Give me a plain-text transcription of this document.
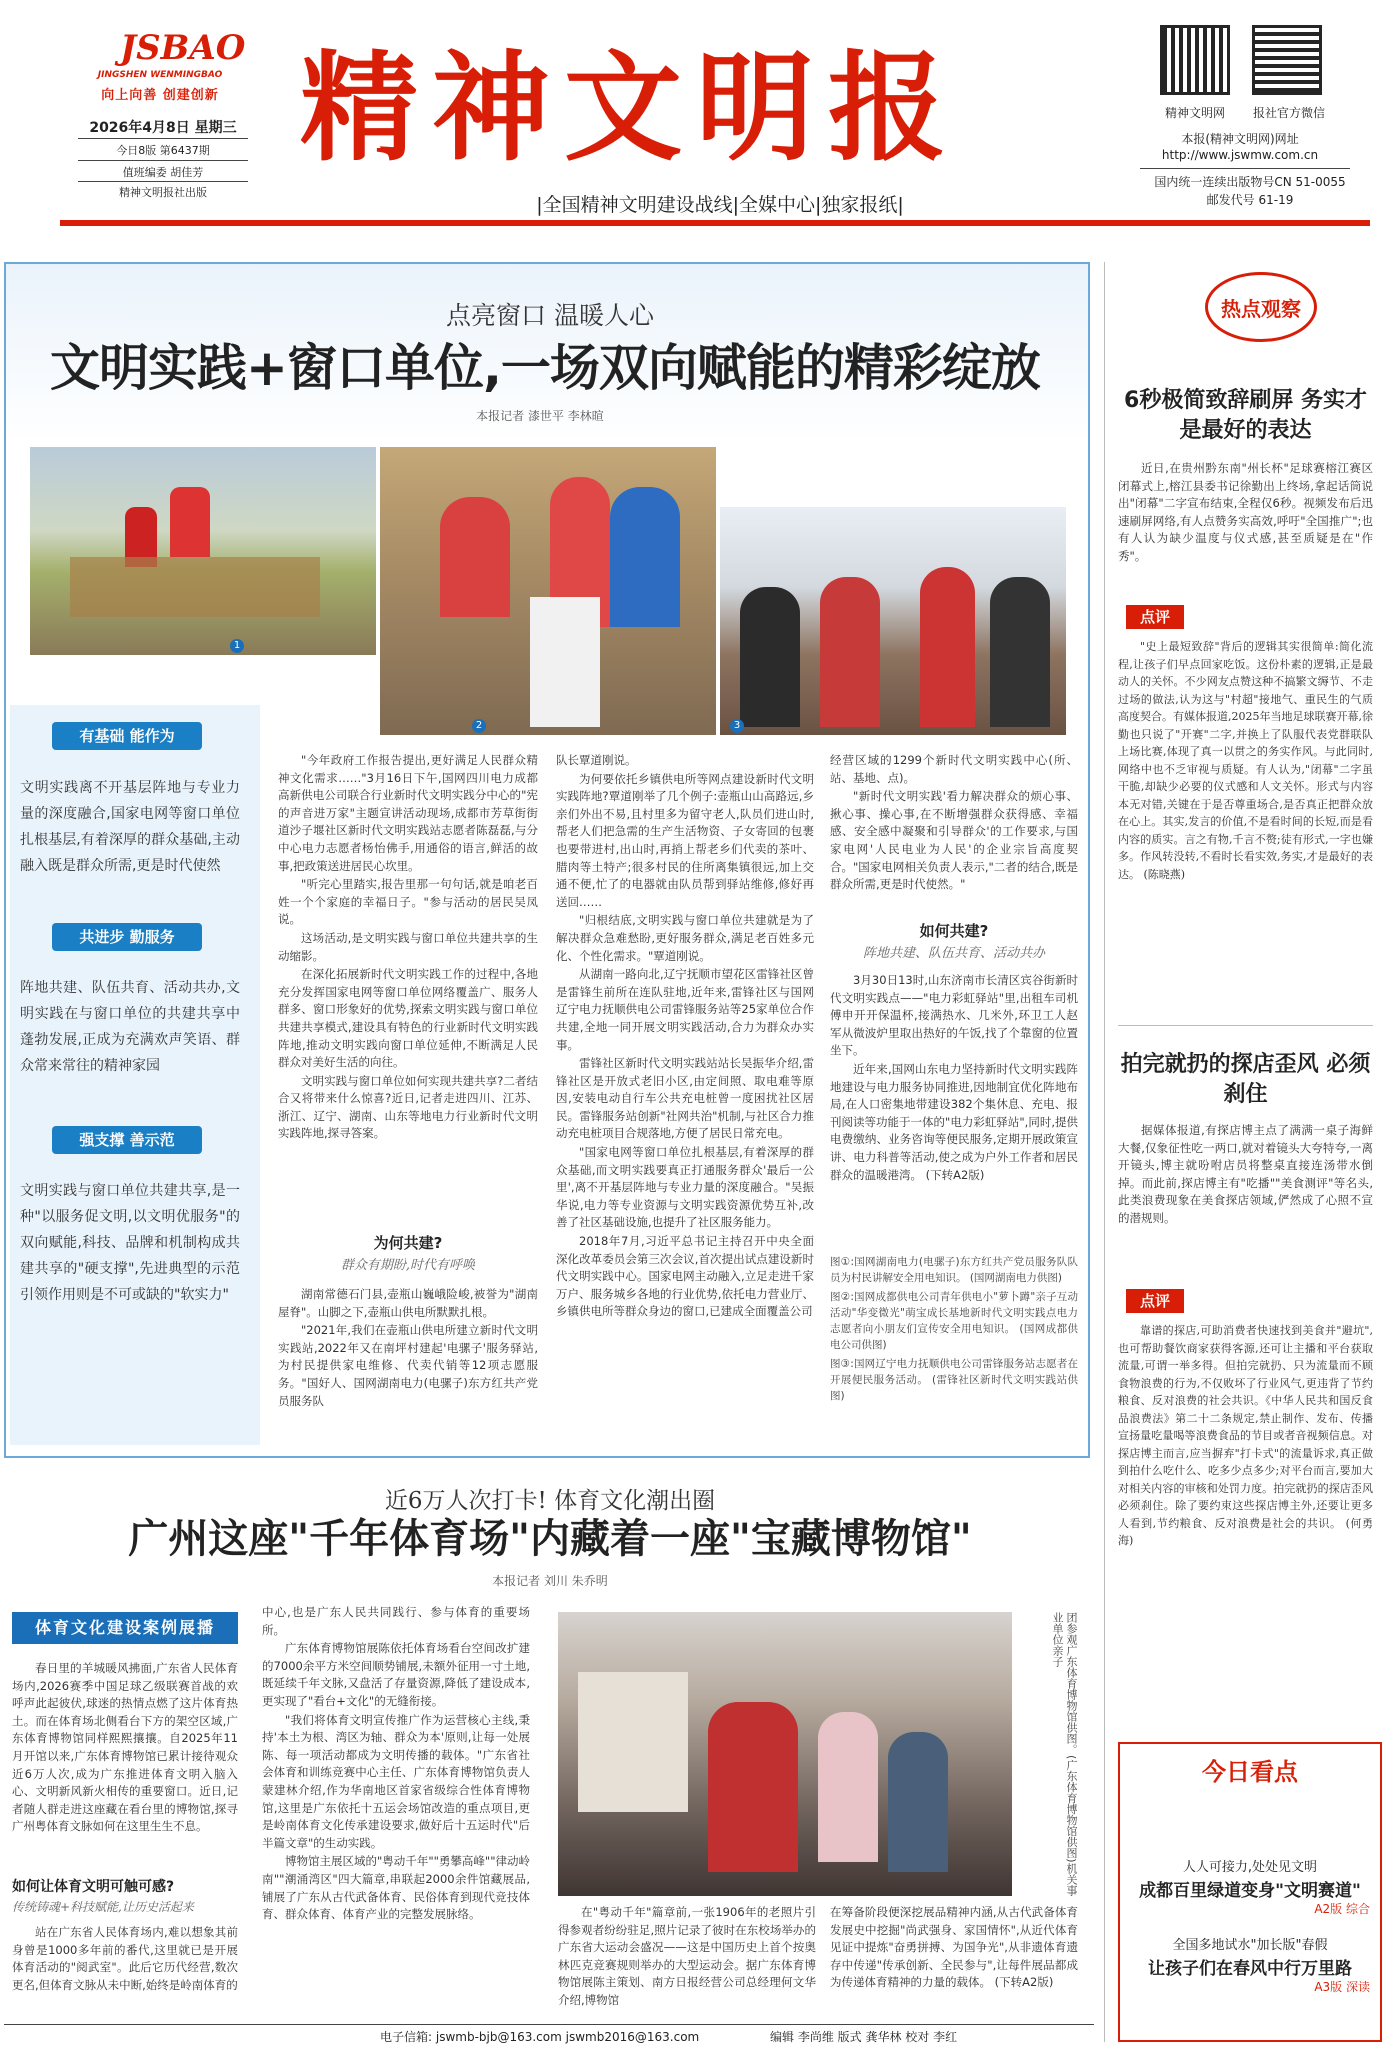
JSBAO
JINGSHEN WENMINGBAO
向上向善 创建创新
2026年4月8日 星期三
今日8版 第6437期
值班编委 胡佳芳
精神文明报社出版
精神文明报
|全国精神文明建设战线|全媒中心|独家报纸|
精神文明网	报社官方微信
本报(精神文明网)网址
http://www.jswmw.com.cn
国内统一连续出版物号CN 51-0055
邮发代号 61-19
点亮窗口 温暖人心
文明实践+窗口单位,一场双向赋能的精彩绽放
本报记者 漆世平 李林暄
1
2	3
有基础 能作为
文明实践离不开基层阵地与专业力量的深度融合,国家电网等窗口单位扎根基层,有着深厚的群众基础,主动融入既是群众所需,更是时代使然
共进步 勤服务
阵地共建、队伍共育、活动共办,文明实践在与窗口单位的共建共享中蓬勃发展,正成为充满欢声笑语、群众常来常往的精神家园
强支撑 善示范
文明实践与窗口单位共建共享,是一种"以服务促文明,以文明优服务"的双向赋能,科技、品牌和机制构成共建共享的"硬支撑",先进典型的示范引领作用则是不可或缺的"软实力"

"今年政府工作报告提出,更好满足人民群众精神文化需求……"3月16日下午,国网四川电力成都高新供电公司联合行业新时代文明实践分中心的"宪的声音进万家"主题宣讲活动现场,成都市芳草街街道沙子堰社区新时代文明实践站志愿者陈磊磊,与分中心电力志愿者杨怡佛手,用通俗的语言,鲜活的故事,把政策送进居民心坎里。

"听完心里踏实,报告里那一句句话,就是咱老百姓一个个家庭的幸福日子。"参与活动的居民吴凤说。

这场活动,是文明实践与窗口单位共建共享的生动缩影。

在深化拓展新时代文明实践工作的过程中,各地充分发挥国家电网等窗口单位网络覆盖广、服务人群多、窗口形象好的优势,探索文明实践与窗口单位共建共享模式,建设具有特色的行业新时代文明实践阵地,推动文明实践向窗口单位延伸,不断满足人民群众对美好生活的向往。

文明实践与窗口单位如何实现共建共享?二者结合又将带来什么惊喜?近日,记者走进四川、江苏、浙江、辽宁、湖南、山东等地电力行业新时代文明实践阵地,探寻答案。

为何共建?
群众有期盼,时代有呼唤

湖南常德石门县,壶瓶山巍峨险峻,被誉为"湖南屋脊"。山脚之下,壶瓶山供电所默默扎根。

"2021年,我们在壶瓶山供电所建立新时代文明实践站,2022年又在南坪村建起'电骡子'服务驿站,为村民提供家电维修、代卖代销等12项志愿服务。"国好人、国网湖南电力(电骡子)东方红共产党员服务队

队长覃道刚说。

为何要依托乡镇供电所等网点建设新时代文明实践阵地?覃道刚举了几个例子:壶瓶山山高路远,乡亲们外出不易,且村里多为留守老人,队员们进山时,帮老人们把急需的生产生活物资、子女寄回的包裹也要带进村,出山时,再捎上帮老乡们代卖的茶叶、腊肉等土特产;很多村民的住所离集镇很远,加上交通不便,忙了的电器就由队员帮到驿站维修,修好再送回……

"归根结底,文明实践与窗口单位共建就是为了解决群众急难愁盼,更好服务群众,满足老百姓多元化、个性化需求。"覃道刚说。

从湖南一路向北,辽宁抚顺市望花区雷锋社区曾是雷锋生前所在连队驻地,近年来,雷锋社区与国网辽宁电力抚顺供电公司雷锋服务站等25家单位合作共建,全地一同开展文明实践活动,合力为群众办实事。

雷锋社区新时代文明实践站站长吴振华介绍,雷锋社区是开放式老旧小区,由定间照、取电难等原因,安装电动自行车公共充电桩曾一度困扰社区居民。雷锋服务站创新"社网共治"机制,与社区合力推动充电桩项目合规落地,方便了居民日常充电。

"国家电网等窗口单位扎根基层,有着深厚的群众基础,而文明实践要真正打通服务群众'最后一公里',离不开基层阵地与专业力量的深度融合。"吴振华说,电力等专业资源与文明实践资源优势互补,改善了社区基础设施,也提升了社区服务能力。

2018年7月,习近平总书记主持召开中央全面深化改革委员会第三次会议,首次提出试点建设新时代文明实践中心。国家电网主动融入,立足走进千家万户、服务城乡各地的行业优势,依托电力营业厅、乡镇供电所等群众身边的窗口,已建成全面覆盖公司

经营区域的1299个新时代文明实践中心(所、站、基地、点)。

"新时代文明实践'看力解决群众的烦心事、揪心事、操心事,在不断增强群众获得感、幸福感、安全感中凝聚和引导群众'的工作要求,与国家电网'人民电业为人民'的企业宗旨高度契合。"国家电网相关负责人表示,"二者的结合,既是群众所需,更是时代使然。"

如何共建?
阵地共建、队伍共育、活动共办

3月30日13时,山东济南市长清区宾谷街新时代文明实践点——"电力彩虹驿站"里,出租车司机傅申开开保温杯,接满热水、几米外,环卫工人赵军从微波炉里取出热好的午饭,找了个靠窗的位置坐下。

近年来,国网山东电力坚持新时代文明实践阵地建设与电力服务协同推进,因地制宜优化阵地布局,在人口密集地带建设382个集休息、充电、报刊阅读等功能于一体的"电力彩虹驿站",同时,提供电费缴纳、业务咨询等便民服务,定期开展政策宣讲、电力科普等活动,使之成为户外工作者和居民群众的温暖港湾。 (下转A2版)

图①:国网湖南电力(电骡子)东方红共产党员服务队队员为村民讲解安全用电知识。 (国网湖南电力供图)

图②:国网成都供电公司青年供电小"萝卜蹲"亲子互动活动"华变微光"萌宝成长基地新时代文明实践点电力志愿者向小朋友们宣传安全用电知识。 (国网成都供电公司供图)

图③:国网辽宁电力抚顺供电公司雷锋服务站志愿者在开展便民服务活动。 (雷锋社区新时代文明实践站供图)

热点观察
6秒极简致辞刷屏 务实才是最好的表达

近日,在贵州黔东南"州长杯"足球赛榕江赛区闭幕式上,榕江县委书记徐勤出上终场,拿起话筒说出"闭幕"二字宣布结束,全程仅6秒。视频发布后迅速刷屏网络,有人点赞务实高效,呼吁"全国推广";也有人认为缺少温度与仪式感,甚至质疑是在"作秀"。

点评

"史上最短致辞"背后的逻辑其实很简单:简化流程,让孩子们早点回家吃饭。这份朴素的逻辑,正是最动人的关怀。不少网友点赞这种不搞繁文缛节、不走过场的做法,认为这与"村超"接地气、重民生的气质高度契合。有媒体报道,2025年当地足球联赛开幕,徐勤也只说了"开赛"二字,并换上了队服代表党群联队上场比赛,体现了真一以贯之的务实作风。与此同时,网络中也不乏审视与质疑。有人认为,"闭幕"二字虽干脆,却缺少必要的仪式感和人文关怀。形式与内容本无对错,关键在于是否尊重场合,是否真正把群众放在心上。其实,发言的价值,不是看时间的长短,而是看内容的质实。言之有物,千言不赘;徒有形式,一字也嫌多。作风转没转,不看时长看实效,务实,才是最好的表达。 (陈晓燕)

拍完就扔的探店歪风 必须刹住

据媒体报道,有探店博主点了满满一桌子海鲜大餐,仅象征性吃一两口,就对着镜头大夸特夸,一离开镜头,博主就吩咐店员将整桌直接连汤带水倒掉。而此前,探店博主有"吃播""美食测评"等名头,此类浪费现象在美食探店领域,俨然成了心照不宣的潜规则。

点评

靠谱的探店,可助消费者快速找到美食并"避坑",也可帮助餐饮商家获得客源,还可让主播和平台获取流量,可谓一举多得。但拍完就扔、只为流量而不顾食物浪费的行为,不仅败坏了行业风气,更违背了节约粮食、反对浪费的社会共识。《中华人民共和国反食品浪费法》第二十二条规定,禁止制作、发布、传播宣扬量吃量喝等浪费食品的节目或者音视频信息。对探店博主而言,应当摒弃"打卡式"的流量诉求,真正做到拍什么吃什么、吃多少点多少;对平台而言,要加大对相关内容的审核和处罚力度。拍完就扔的探店歪风必须刹住。除了要约束这些探店博主外,还要让更多人看到,节约粮食、反对浪费是社会的共识。 (何勇海)

今日看点
人人可接力,处处见文明
成都百里绿道变身"文明赛道"
A2版 综合
全国多地试水"加长版"春假
让孩子们在春风中行万里路
A3版 深读
近6万人次打卡! 体育文化潮出圈
广州这座"千年体育场"内藏着一座"宝藏博物馆"
本报记者 刘川 朱乔明
体育文化建设案例展播

春日里的羊城暖风拂面,广东省人民体育场内,2026赛季中国足球乙级联赛首战的欢呼声此起彼伏,球迷的热情点燃了这片体育热土。而在体育场北侧看台下方的架空区域,广东体育博物馆同样熙熙攘攘。自2025年11月开馆以来,广东体育博物馆已累计接待观众近6万人次,成为广东推进体育文明入脑入心、文明新风新火相传的重要窗口。近日,记者随人群走进这座藏在看台里的博物馆,探寻广州粤体育文脉如何在这里生生不息。

如何让体育文明可触可感?
传统铸魂+科技赋能,让历史活起来

站在广东省人民体育场内,难以想象其前身曾是1000多年前的番代,这里就已是开展体育活动的"阅武室"。此后它历代经营,数次更名,但体育文脉从未中断,始终是岭南体育的

中心,也是广东人民共同践行、参与体育的重要场所。

广东体育博物馆展陈依托体育场看台空间改扩建的7000余平方米空间顺势铺展,未额外征用一寸土地,既延续千年文脉,又盘活了存量资源,降低了建设成本,更实现了"看台+文化"的无缝衔接。

"我们将体育文明宣传推广作为运营核心主线,秉持'本土为根、湾区为轴、群众为本'原则,让每一处展陈、每一项活动都成为文明传播的载体。"广东省社会体育和训练竞赛中心主任、广东体育博物馆负责人蒙建林介绍,作为华南地区首家省级综合性体育博物馆,这里是广东依托十五运会场馆改造的重点项目,更是岭南体育文化传承建设要求,做好后十五运时代"后半篇文章"的生动实践。

博物馆主展区域的"粤动千年""勇攀高峰""律动岭南""潮涌湾区"四大篇章,串联起2000余件馆藏展品,铺展了广东从古代武备体育、民俗体育到现代竞技体育、群众体育、体育产业的完整发展脉络。

团参观广东体育博物馆供图。(广东体育博物馆供图)机关事业单位亲子

在"粤动千年"篇章前,一张1906年的老照片引得参观者纷纷驻足,照片记录了彼时在东校场举办的广东省大运动会盛况——这是中国历史上首个按奥林匹克竞赛规则举办的大型运动会。据广东体育博物馆展陈主策划、南方日报经营公司总经理何文华介绍,博物馆

在筹备阶段便深挖展品精神内涵,从古代武备体育发展史中挖掘"尚武强身、家国情怀",从近代体育见证中提炼"奋勇拼搏、为国争光",从非遗体育遗存中传递"传承创新、全民参与",让每件展品都成为传递体育精神的力量的载体。 (下转A2版)

电子信箱: jswmb-bjb@163.com jswmb2016@163.com	编辑 李尚维 版式 龚华林 校对 李红
